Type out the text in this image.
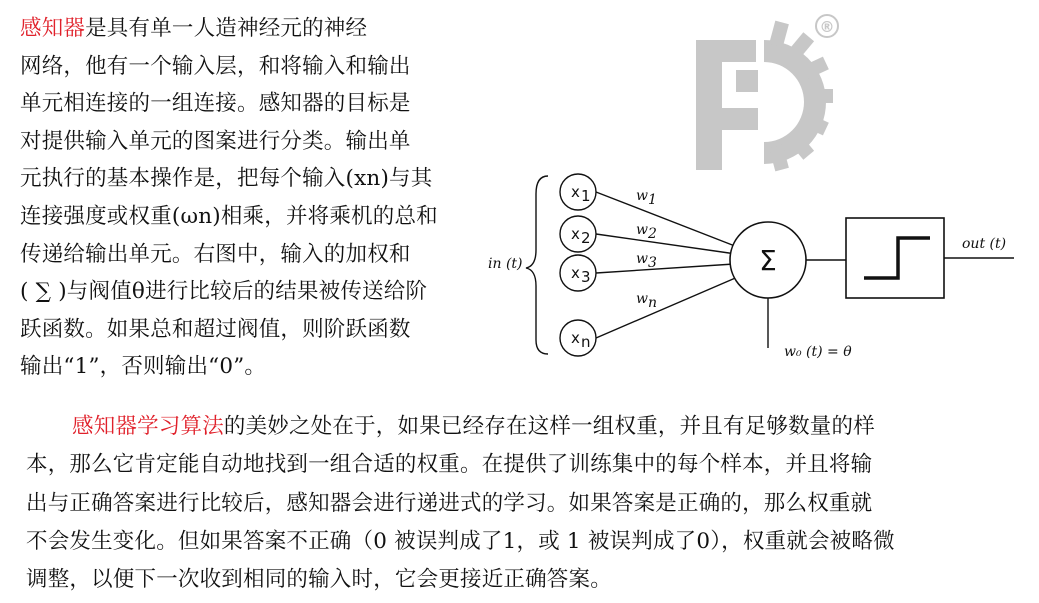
感知器是具有单一人造神经元的神经
网络，他有一个输入层，和将输入和输出
单元相连接的一组连接。感知器的目标是
对提供输入单元的图案进行分类。输出单
元执行的基本操作是，把每个输入(xn)与其
连接强度或权重(ωn)相乘，并将乘机的总和
传递给输出单元。右图中，输入的加权和
( ∑ )与阀值θ进行比较后的结果被传送给阶
跃函数。如果总和超过阀值，则阶跃函数
输出“1”，否则输出“0”。
®
in (t)
x 1
x 2
x 3
x n
w 1
w 2
w 3
w n
Σ
w₀ (t) = θ
out (t)
感知器学习算法的美妙之处在于，如果已经存在这样一组权重，并且有足够数量的样
本，那么它肯定能自动地找到一组合适的权重。在提供了训练集中的每个样本，并且将输
出与正确答案进行比较后，感知器会进行递进式的学习。如果答案是正确的，那么权重就
不会发生变化。但如果答案不正确（0 被误判成了1，或 1 被误判成了0），权重就会被略微
调整，以便下一次收到相同的输入时，它会更接近正确答案。
